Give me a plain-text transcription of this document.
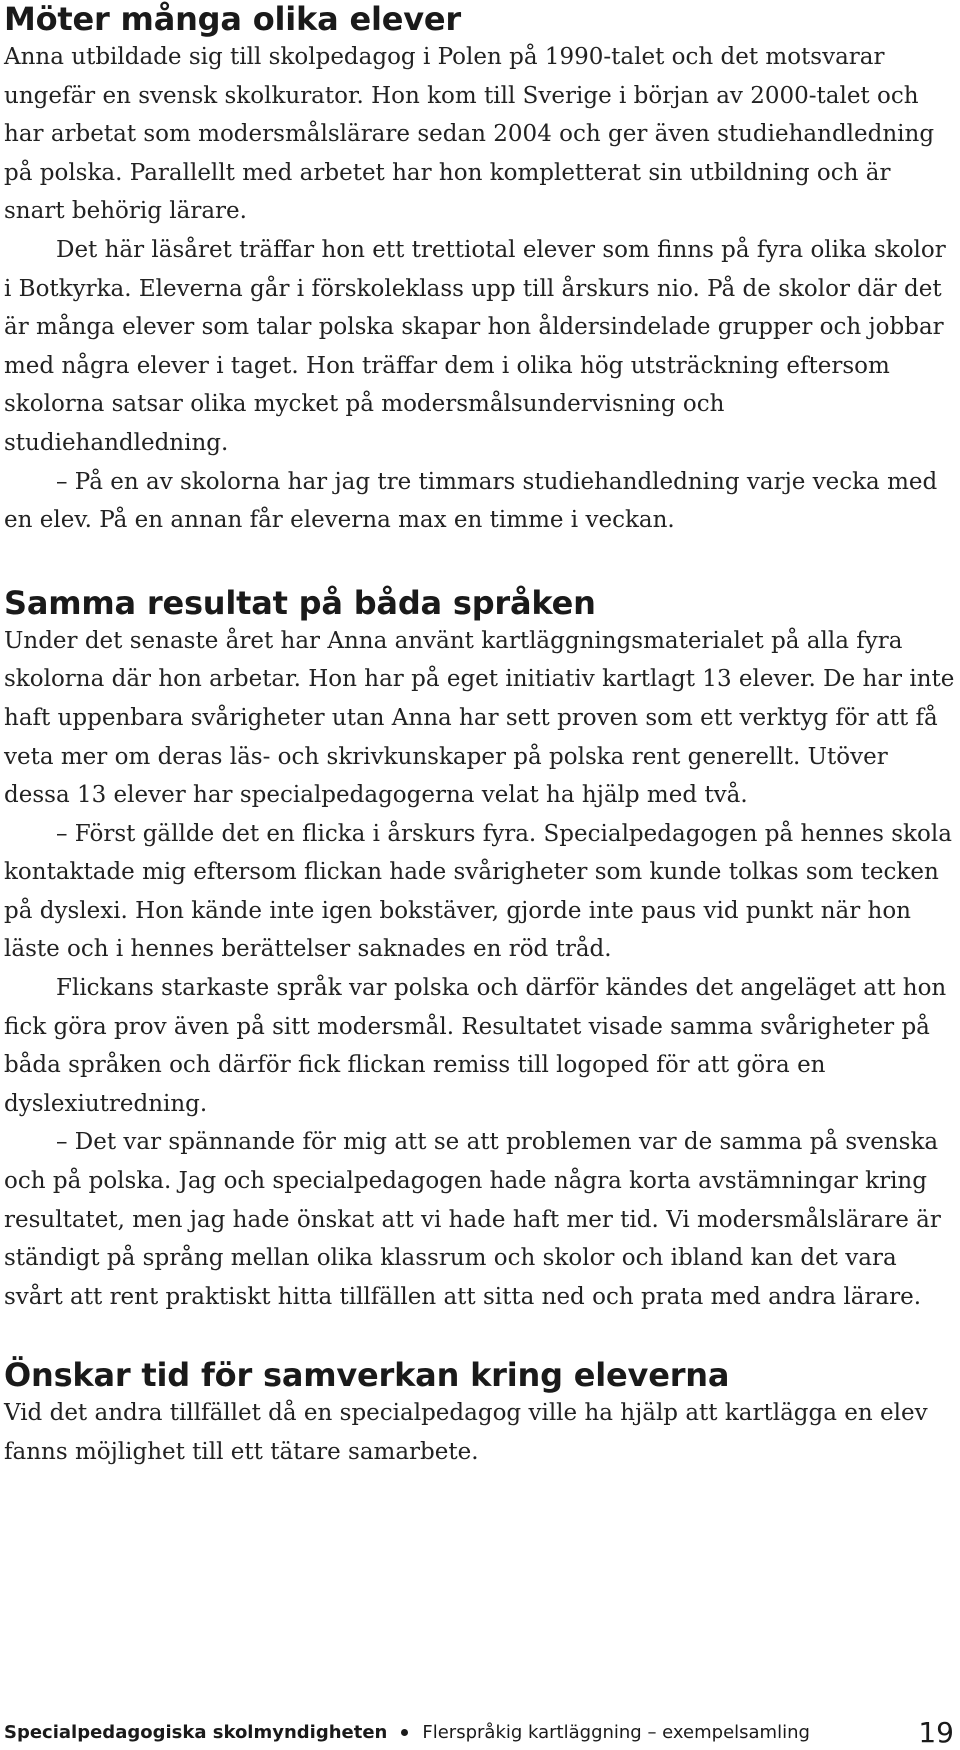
Möter många olika elever

Anna utbildade sig till skolpedagog i Polen på 1990-talet och det motsvarar ungefär en svensk skolkurator. Hon kom till Sverige i början av 2000-talet och har arbetat som modersmålslärare sedan 2004 och ger även studiehandledning på polska. Parallellt med arbetet har hon kompletterat sin utbildning och är snart behörig lärare.

Det här läsåret träffar hon ett trettiotal elever som finns på fyra olika skolor i Botkyrka. Eleverna går i förskoleklass upp till årskurs nio. På de skolor där det är många elever som talar polska skapar hon åldersindelade grupper och jobbar med några elever i taget. Hon träffar dem i olika hög utsträckning eftersom skolorna satsar olika mycket på modersmålsundervisning och studiehandledning.

– På en av skolorna har jag tre timmars studiehandledning varje vecka med en elev. På en annan får eleverna max en timme i veckan.

Samma resultat på båda språken

Under det senaste året har Anna använt kartläggningsmaterialet på alla fyra skolorna där hon arbetar. Hon har på eget initiativ kartlagt 13 elever. De har inte haft uppenbara svårigheter utan Anna har sett proven som ett verktyg för att få veta mer om deras läs- och skrivkunskaper på polska rent generellt. Utöver dessa 13 elever har specialpedagogerna velat ha hjälp med två.

– Först gällde det en flicka i årskurs fyra. Specialpedagogen på hennes skola kontaktade mig eftersom flickan hade svårigheter som kunde tolkas som tecken på dyslexi. Hon kände inte igen bokstäver, gjorde inte paus vid punkt när hon läste och i hennes berättelser saknades en röd tråd.

Flickans starkaste språk var polska och därför kändes det angeläget att hon fick göra prov även på sitt modersmål. Resultatet visade samma svårigheter på båda språken och därför fick flickan remiss till logoped för att göra en dyslexiutredning.

– Det var spännande för mig att se att problemen var de samma på svenska och på polska. Jag och specialpedagogen hade några korta avstämningar kring resultatet, men jag hade önskat att vi hade haft mer tid. Vi modersmålslärare är ständigt på språng mellan olika klassrum och skolor och ibland kan det vara svårt att rent praktiskt hitta tillfällen att sitta ned och prata med andra lärare.

Önskar tid för samverkan kring eleverna

Vid det andra tillfället då en specialpedagog ville ha hjälp att kartlägga en elev fanns möjlighet till ett tätare samarbete.

Specialpedagogiska skolmyndigheten Flerspråkig kartläggning – exempelsamling	19
